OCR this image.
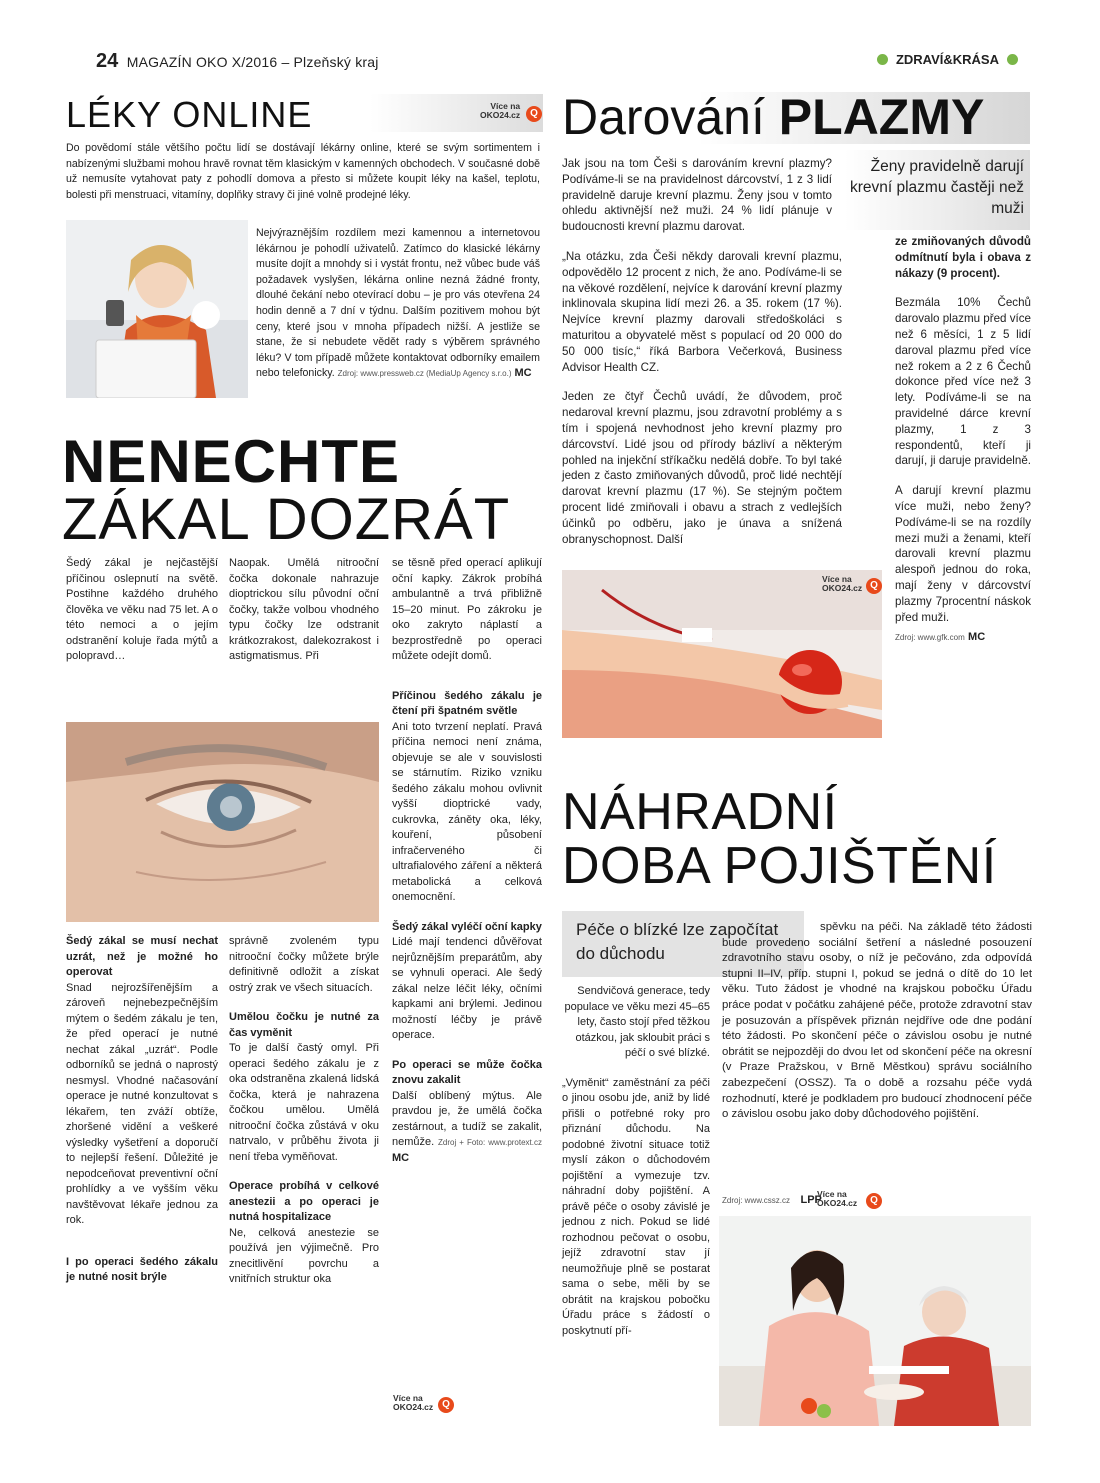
24 MAGAZÍN OKO X/2016 – Plzeňský kraj	ZDRAVÍ&KRÁSA
LÉKY ONLINE	Více na
OKO24.cz Q

Do povědomí stále většího počtu lidí se dostávají lékárny online, které se svým sortimentem i nabízenými službami mohou hravě rovnat těm klasickým v kamenných obchodech. V současné době už nemusíte vytahovat paty z pohodlí domova a přesto si můžete koupit léky na kašel, teplotu, bolesti při menstruaci, vitamíny, doplňky stravy či jiné volně prodejné léky.

Nejvýraznějším rozdílem mezi kamennou a internetovou lékárnou je pohodlí uživatelů. Zatímco do klasické lékárny musíte dojít a mnohdy si i vystát frontu, než vůbec bude váš požadavek vyslyšen, lékárna online nezná žádné fronty, dlouhé čekání nebo otevírací dobu – je pro vás otevřena 24 hodin denně a 7 dní v týdnu. Dalším pozitivem mohou být ceny, které jsou v mnoha případech nižší. A jestliže se stane, že si nebudete vědět rady s výběrem správného léku? V tom případě můžete kontaktovat odborníky emailem nebo telefonicky. Zdroj: www.pressweb.cz (MediaUp Agency s.r.o.) MC

Darování PLAZMY
Ženy pravidelně darují krevní plazmu častěji než muži

Jak jsou na tom Češi s darováním krevní plazmy? Podíváme-li se na pravidelnost dárcovství, 1 z 3 lidí pravidelně daruje krevní plazmu. Ženy jsou v tomto ohledu aktivnější než muži. 24 % lidí plánuje v budoucnosti krevní plazmu darovat.

„Na otázku, zda Češi někdy darovali krevní plazmu, odpovědělo 12 procent z nich, že ano. Podíváme-li se na věkové rozdělení, nejvíce k darování krevní plazmy inklinovala skupina lidí mezi 26. a 35. rokem (17 %). Nejvíce krevní plazmy darovali středoškoláci s maturitou a obyvatelé měst s populací od 20 000 do 50 000 tisíc,“ říká Barbora Večerková, Business Advisor Health CZ.

Jeden ze čtyř Čechů uvádí, že důvodem, proč nedaroval krevní plazmu, jsou zdravotní problémy a s tím i spojená nevhodnost jeho krevní plazmy pro dárcovství. Lidé jsou od přírody bázliví a některým pohled na injekční stříkačku nedělá dobře. To byl také jeden z často zmiňovaných důvodů, proč lidé nechtějí darovat krevní plazmu (17 %). Se stejným počtem procent lidé zmiňovali i obavu a strach z vedlejších účinků po odběru, jako je únava a snížená obranyschopnost. Další

Více na
OKO24.cz Q

ze zmiňovaných důvodů odmítnutí byla i obava z nákazy (9 procent).

Bezmála 10% Čechů darovalo plazmu před více než 6 měsíci, 1 z 5 lidí daroval plazmu před více než rokem a 2 z 6 Čechů dokonce před více než 3 lety. Podíváme-li se na pravidelné dárce krevní plazmy, 1 z 3 respondentů, kteří ji darují, ji daruje pravidelně.

A darují krevní plazmu více muži, nebo ženy? Podíváme-li se na rozdíly mezi muži a ženami, kteří darovali krevní plazmu alespoň jednou do roka, mají ženy v dárcovství plazmy 7procentní náskok před muži.

Zdroj: www.gfk.com MC

NENECHTE
ZÁKAL DOZRÁT

Šedý zákal je nejčastější příčinou oslepnutí na světě. Postihne každého druhého člověka ve věku nad 75 let. A o této nemoci a o jejím odstranění koluje řada mýtů a polopravd…

Naopak. Umělá nitrooční čočka dokonale nahrazuje dioptrickou sílu původní oční čočky, takže volbou vhodného typu čočky lze odstranit krátkozrakost, dalekozrakost i astigmatismus. Při

se těsně před operací aplikují oční kapky. Zákrok probíhá ambulantně a trvá přibližně 15–20 minut. Po zákroku je oko zakryto náplastí a bezprostředně po operaci můžete odejít domů.

Příčinou šedého zákalu je čtení při špatném světle

Ani toto tvrzení neplatí. Pravá příčina nemoci není známa, objevuje se ale v souvislosti se stárnutím. Riziko vzniku šedého zákalu mohou ovlivnit vyšší dioptrické vady, cukrovka, záněty oka, léky, kouření, působení infračerveného či ultrafialového záření a některá metabolická a celková onemocnění.

Šedý zákal vyléčí oční kapky

Lidé mají tendenci důvěřovat nejrůznějším preparátům, aby se vyhnuli operaci. Ale šedý zákal nelze léčit léky, očními kapkami ani brýlemi. Jedinou možností léčby je právě operace.

Po operaci se může čočka znovu zakalit

Další oblíbený mýtus. Ale pravdou je, že umělá čočka zestárnout, a tudíž se zakalit, nemůže. Zdroj + Foto: www.protext.cz MC

Více na
OKO24.cz Q
Šedý zákal se musí nechat uzrát, než je možné ho operovat

Snad nejrozšířenějším a zároveň nejnebezpečnějším mýtem o šedém zákalu je ten, že před operací je nutné nechat zákal „uzrát“. Podle odborníků se jedná o naprostý nesmysl. Vhodné načasování operace je nutné konzultovat s lékařem, ten zváží obtíže, zhoršené vidění a veškeré výsledky vyšetření a doporučí to nejlepší řešení. Důležité je nepodceňovat preventivní oční prohlídky a ve vyšším věku navštěvovat lékaře jednou za rok.

I po operaci šedého zákalu je nutné nosit brýle

správně zvoleném typu nitrooční čočky můžete brýle definitivně odložit a získat ostrý zrak ve všech situacích.

Umělou čočku je nutné za čas vyměnit

To je další častý omyl. Při operaci šedého zákalu je z oka odstraněna zkalená lidská čočka, která je nahrazena čočkou umělou. Umělá nitrooční čočka zůstává v oku natrvalo, v průběhu života ji není třeba vyměňovat.

Operace probíhá v celkové anestezii a po operaci je nutná hospitalizace

Ne, celková anestezie se používá jen výjimečně. Pro znecitlivění povrchu a vnitřních struktur oka

NÁHRADNÍ
DOBA POJIŠTĚNÍ
Péče o blízké lze započítat do důchodu

Sendvičová generace, tedy populace ve věku mezi 45–65 lety, často stojí před těžkou otázkou, jak skloubit práci s péčí o své blízké.

„Vyměnit“ zaměstnání za péči o jinou osobu jde, aniž by lidé přišli o potřebné roky pro přiznání důchodu. Na podobné životní situace totiž myslí zákon o důchodovém pojištění a vymezuje tzv. náhradní doby pojištění. A právě péče o osoby závislé je jednou z nich. Pokud se lidé rozhodnou pečovat o osobu, jejíž zdravotní stav jí neumožňuje plně se postarat sama o sebe, měli by se obrátit na krajskou pobočku Úřadu práce s žádostí o poskytnutí pří-

spěvku na péči. Na základě této žádosti bude provedeno sociální šetření a následné posouzení zdravotního stavu osoby, o níž je pečováno, zda odpovídá stupni II–IV, příp. stupni I, pokud se jedná o dítě do 10 let věku. Tuto žádost je vhodné na krajskou pobočku Úřadu práce podat v počátku zahájené péče, protože zdravotní stav je posuzován a příspěvek přiznán nejdříve ode dne podání této žádosti. Po skončení péče o závislou osobu je nutné obrátit se nejpozději do dvou let od skončení péče na okresní (v Praze Pražskou, v Brně Městkou) správu sociálního zabezpečení (OSSZ). Ta o době a rozsahu péče vydá rozhodnutí, které je podkladem pro budoucí zhodnocení péče o závislou osobu jako doby důchodového pojištění.

Zdroj: www.cssz.cz LPP
Více na
OKO24.cz	Q
